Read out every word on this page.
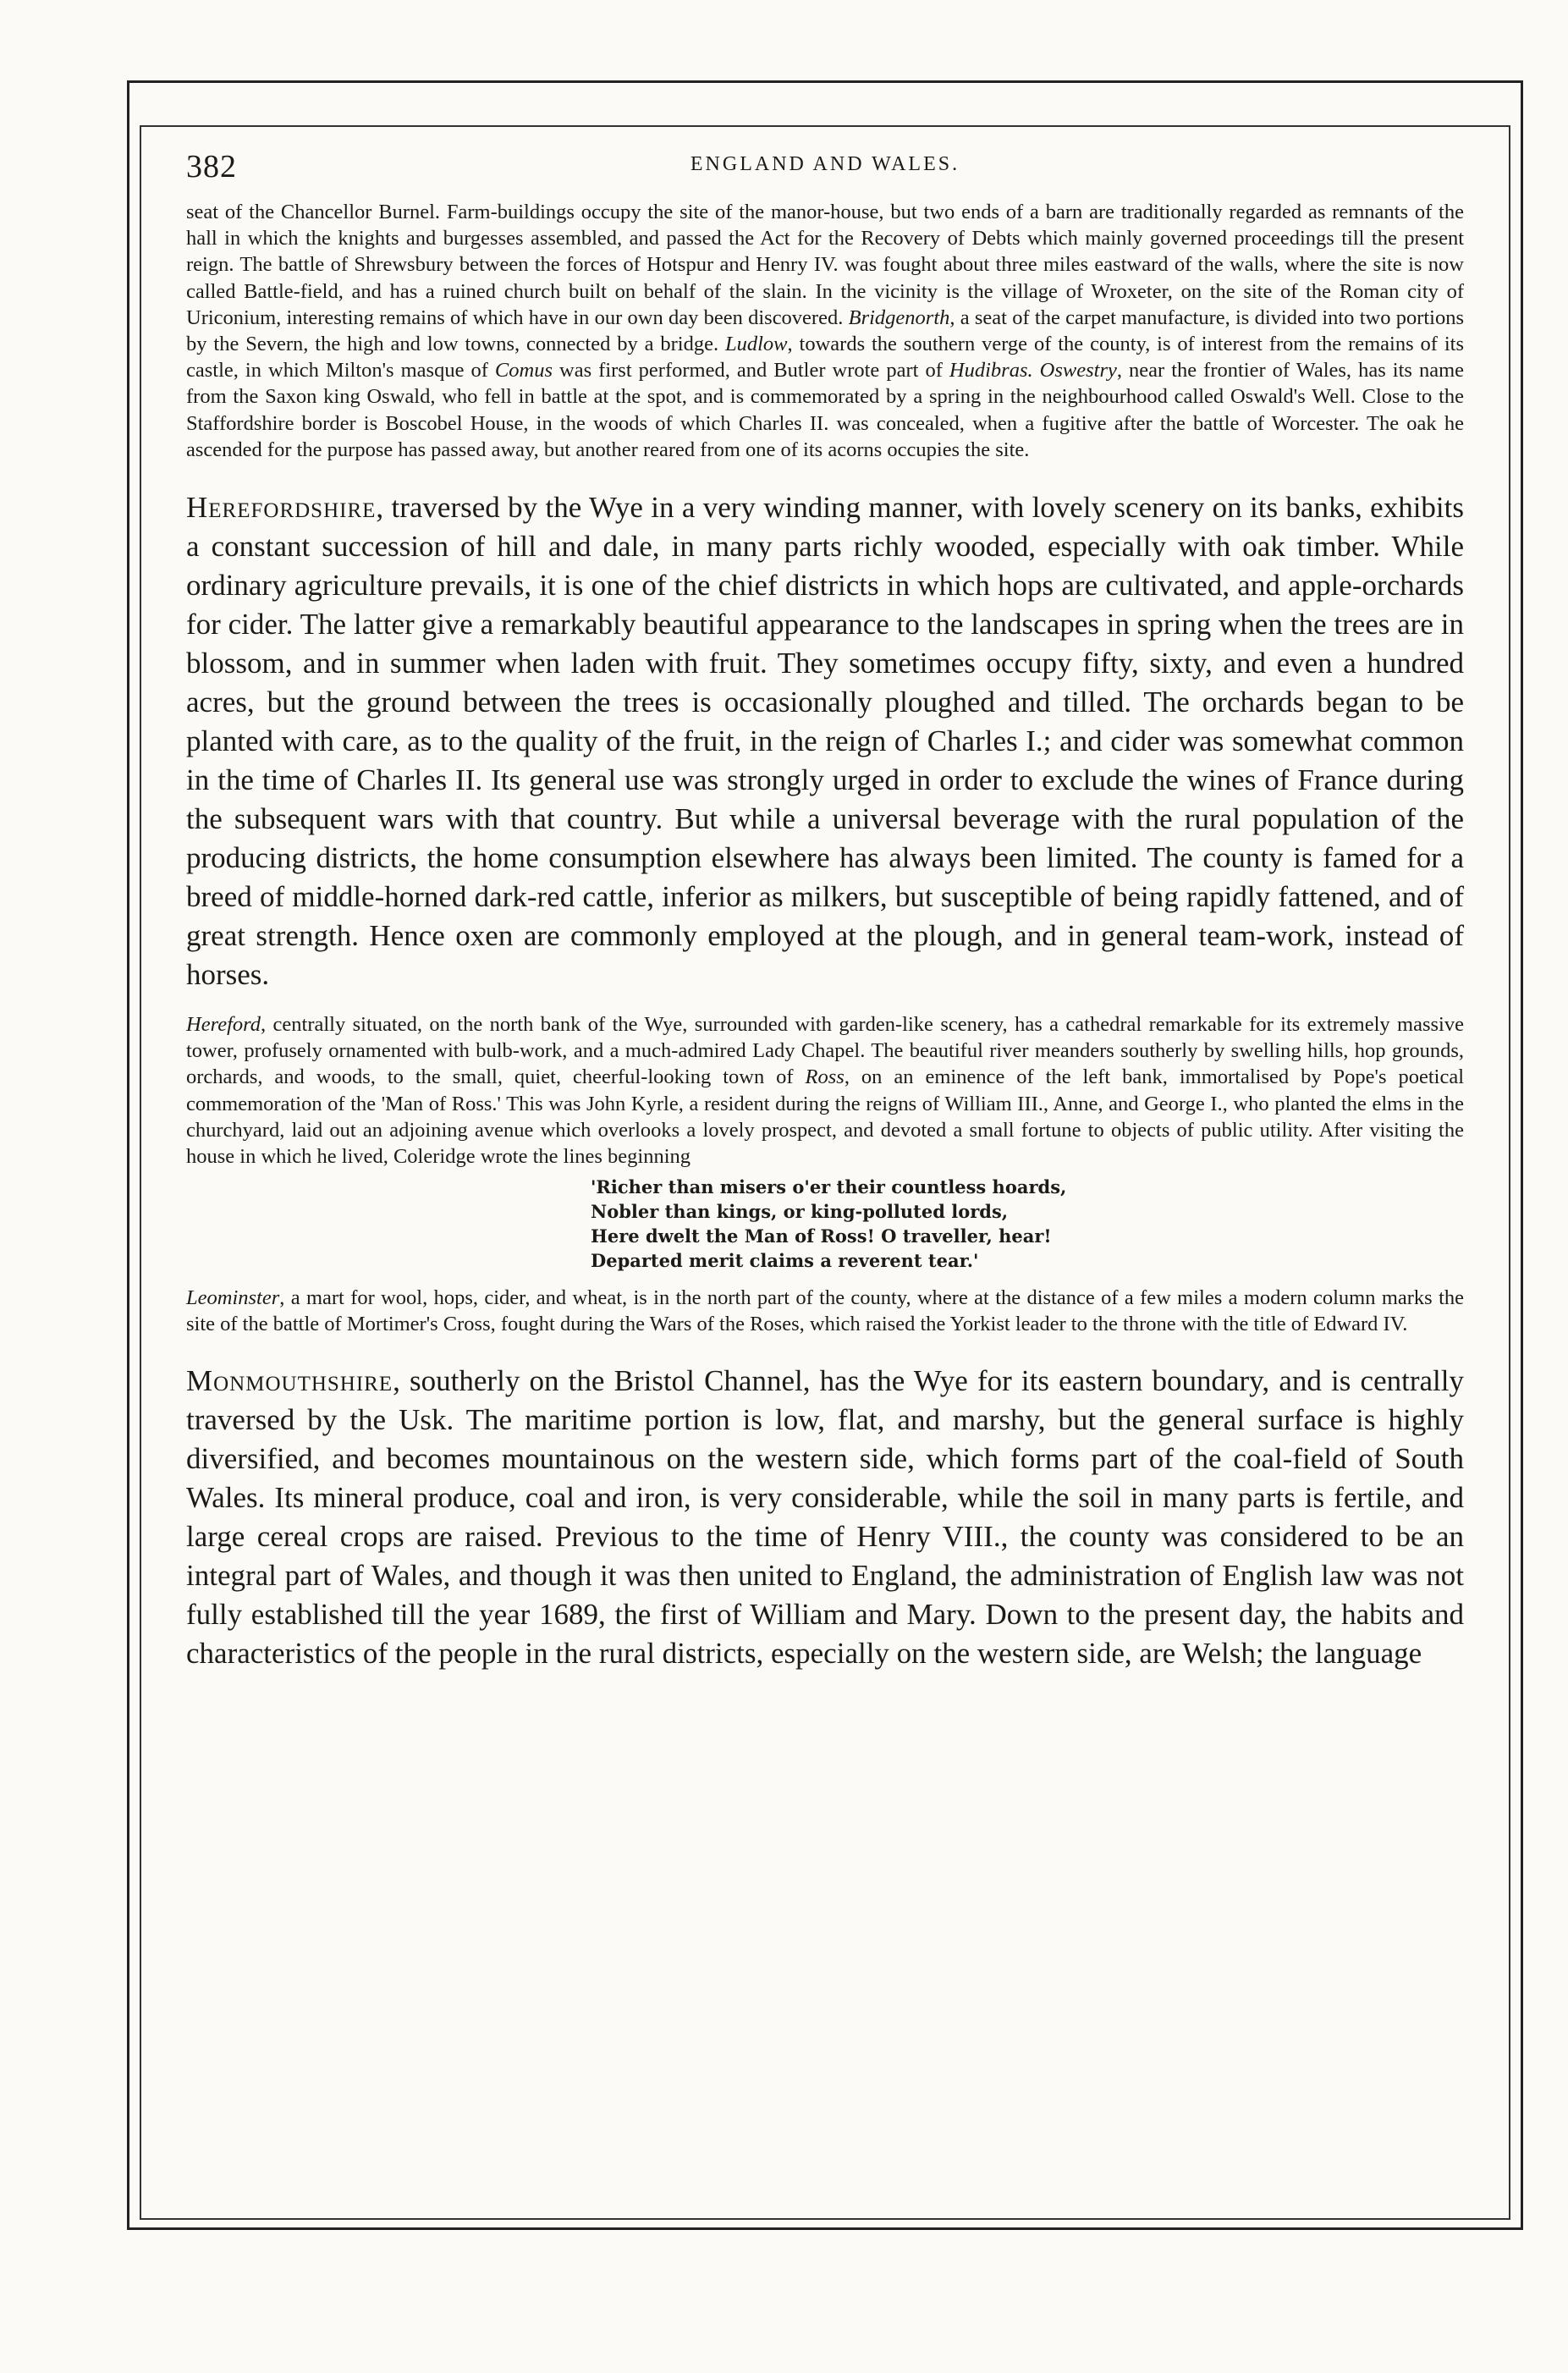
382	ENGLAND AND WALES.

seat of the Chancellor Burnel. Farm-buildings occupy the site of the manor-house, but two ends of a barn are traditionally regarded as remnants of the hall in which the knights and burgesses assembled, and passed the Act for the Recovery of Debts which mainly governed proceedings till the present reign. The battle of Shrewsbury between the forces of Hotspur and Henry IV. was fought about three miles eastward of the walls, where the site is now called Battle-field, and has a ruined church built on behalf of the slain. In the vicinity is the village of Wroxeter, on the site of the Roman city of Uriconium, interesting remains of which have in our own day been discovered. Bridgenorth, a seat of the carpet manufacture, is divided into two portions by the Severn, the high and low towns, connected by a bridge. Ludlow, towards the southern verge of the county, is of interest from the remains of its castle, in which Milton's masque of Comus was first performed, and Butler wrote part of Hudibras. Oswestry, near the frontier of Wales, has its name from the Saxon king Oswald, who fell in battle at the spot, and is commemorated by a spring in the neighbourhood called Oswald's Well. Close to the Staffordshire border is Boscobel House, in the woods of which Charles II. was concealed, when a fugitive after the battle of Worcester. The oak he ascended for the purpose has passed away, but another reared from one of its acorns occupies the site.

Herefordshire, traversed by the Wye in a very winding manner, with lovely scenery on its banks, exhibits a constant succession of hill and dale, in many parts richly wooded, especially with oak timber. While ordinary agriculture prevails, it is one of the chief districts in which hops are cultivated, and apple-orchards for cider. The latter give a remarkably beautiful appearance to the landscapes in spring when the trees are in blossom, and in summer when laden with fruit. They sometimes occupy fifty, sixty, and even a hundred acres, but the ground between the trees is occasionally ploughed and tilled. The orchards began to be planted with care, as to the quality of the fruit, in the reign of Charles I.; and cider was somewhat common in the time of Charles II. Its general use was strongly urged in order to exclude the wines of France during the subsequent wars with that country. But while a universal beverage with the rural population of the producing districts, the home consumption elsewhere has always been limited. The county is famed for a breed of middle-horned dark-red cattle, inferior as milkers, but susceptible of being rapidly fattened, and of great strength. Hence oxen are commonly employed at the plough, and in general team-work, instead of horses.

Hereford, centrally situated, on the north bank of the Wye, surrounded with garden-like scenery, has a cathedral remarkable for its extremely massive tower, profusely ornamented with bulb-work, and a much-admired Lady Chapel. The beautiful river meanders southerly by swelling hills, hop grounds, orchards, and woods, to the small, quiet, cheerful-looking town of Ross, on an eminence of the left bank, immortalised by Pope's poetical commemoration of the 'Man of Ross.' This was John Kyrle, a resident during the reigns of William III., Anne, and George I., who planted the elms in the churchyard, laid out an adjoining avenue which overlooks a lovely prospect, and devoted a small fortune to objects of public utility. After visiting the house in which he lived, Coleridge wrote the lines beginning

'Richer than misers o'er their countless hoards,
Nobler than kings, or king-polluted lords,
Here dwelt the Man of Ross! O traveller, hear!
Departed merit claims a reverent tear.'

Leominster, a mart for wool, hops, cider, and wheat, is in the north part of the county, where at the distance of a few miles a modern column marks the site of the battle of Mortimer's Cross, fought during the Wars of the Roses, which raised the Yorkist leader to the throne with the title of Edward IV.

Monmouthshire, southerly on the Bristol Channel, has the Wye for its eastern boundary, and is centrally traversed by the Usk. The maritime portion is low, flat, and marshy, but the general surface is highly diversified, and becomes mountainous on the western side, which forms part of the coal-field of South Wales. Its mineral produce, coal and iron, is very considerable, while the soil in many parts is fertile, and large cereal crops are raised. Previous to the time of Henry VIII., the county was considered to be an integral part of Wales, and though it was then united to England, the administration of English law was not fully established till the year 1689, the first of William and Mary. Down to the present day, the habits and characteristics of the people in the rural districts, especially on the western side, are Welsh; the language
